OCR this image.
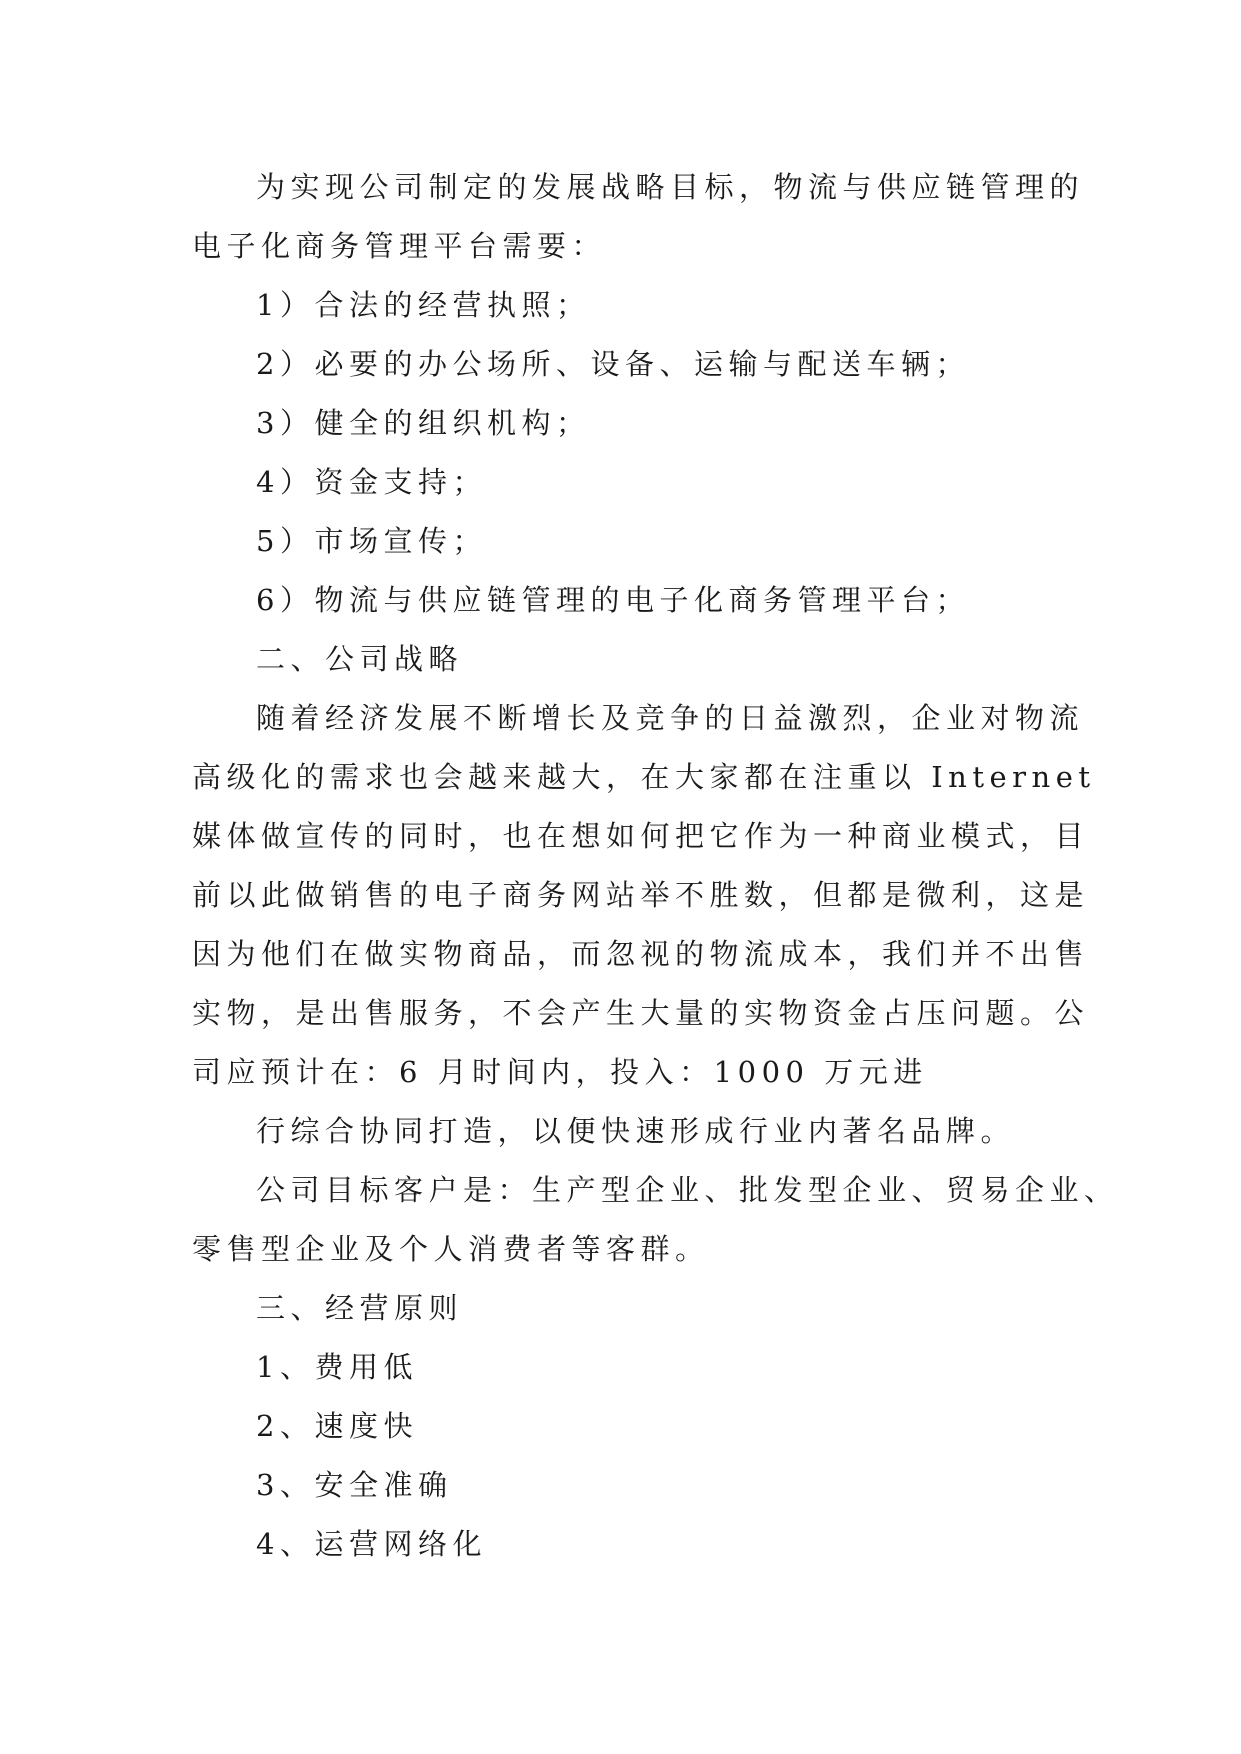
为实现公司制定的发展战略目标，物流与供应链管理的
电子化商务管理平台需要：

1）合法的经营执照；

2）必要的办公场所、设备、运输与配送车辆；

3）健全的组织机构；

4）资金支持；

5）市场宣传；

6）物流与供应链管理的电子化商务管理平台；

二、公司战略

随着经济发展不断增长及竞争的日益激烈，企业对物流
高级化的需求也会越来越大，在大家都在注重以 Internet
媒体做宣传的同时，也在想如何把它作为一种商业模式，目
前以此做销售的电子商务网站举不胜数，但都是微利，这是
因为他们在做实物商品，而忽视的物流成本，我们并不出售
实物，是出售服务，不会产生大量的实物资金占压问题。公
司应预计在：6 月时间内，投入：1000 万元进

行综合协同打造，以便快速形成行业内著名品牌。

公司目标客户是：生产型企业、批发型企业、贸易企业、
零售型企业及个人消费者等客群。

三、经营原则

1、费用低

2、速度快

3、安全准确

4、运营网络化
